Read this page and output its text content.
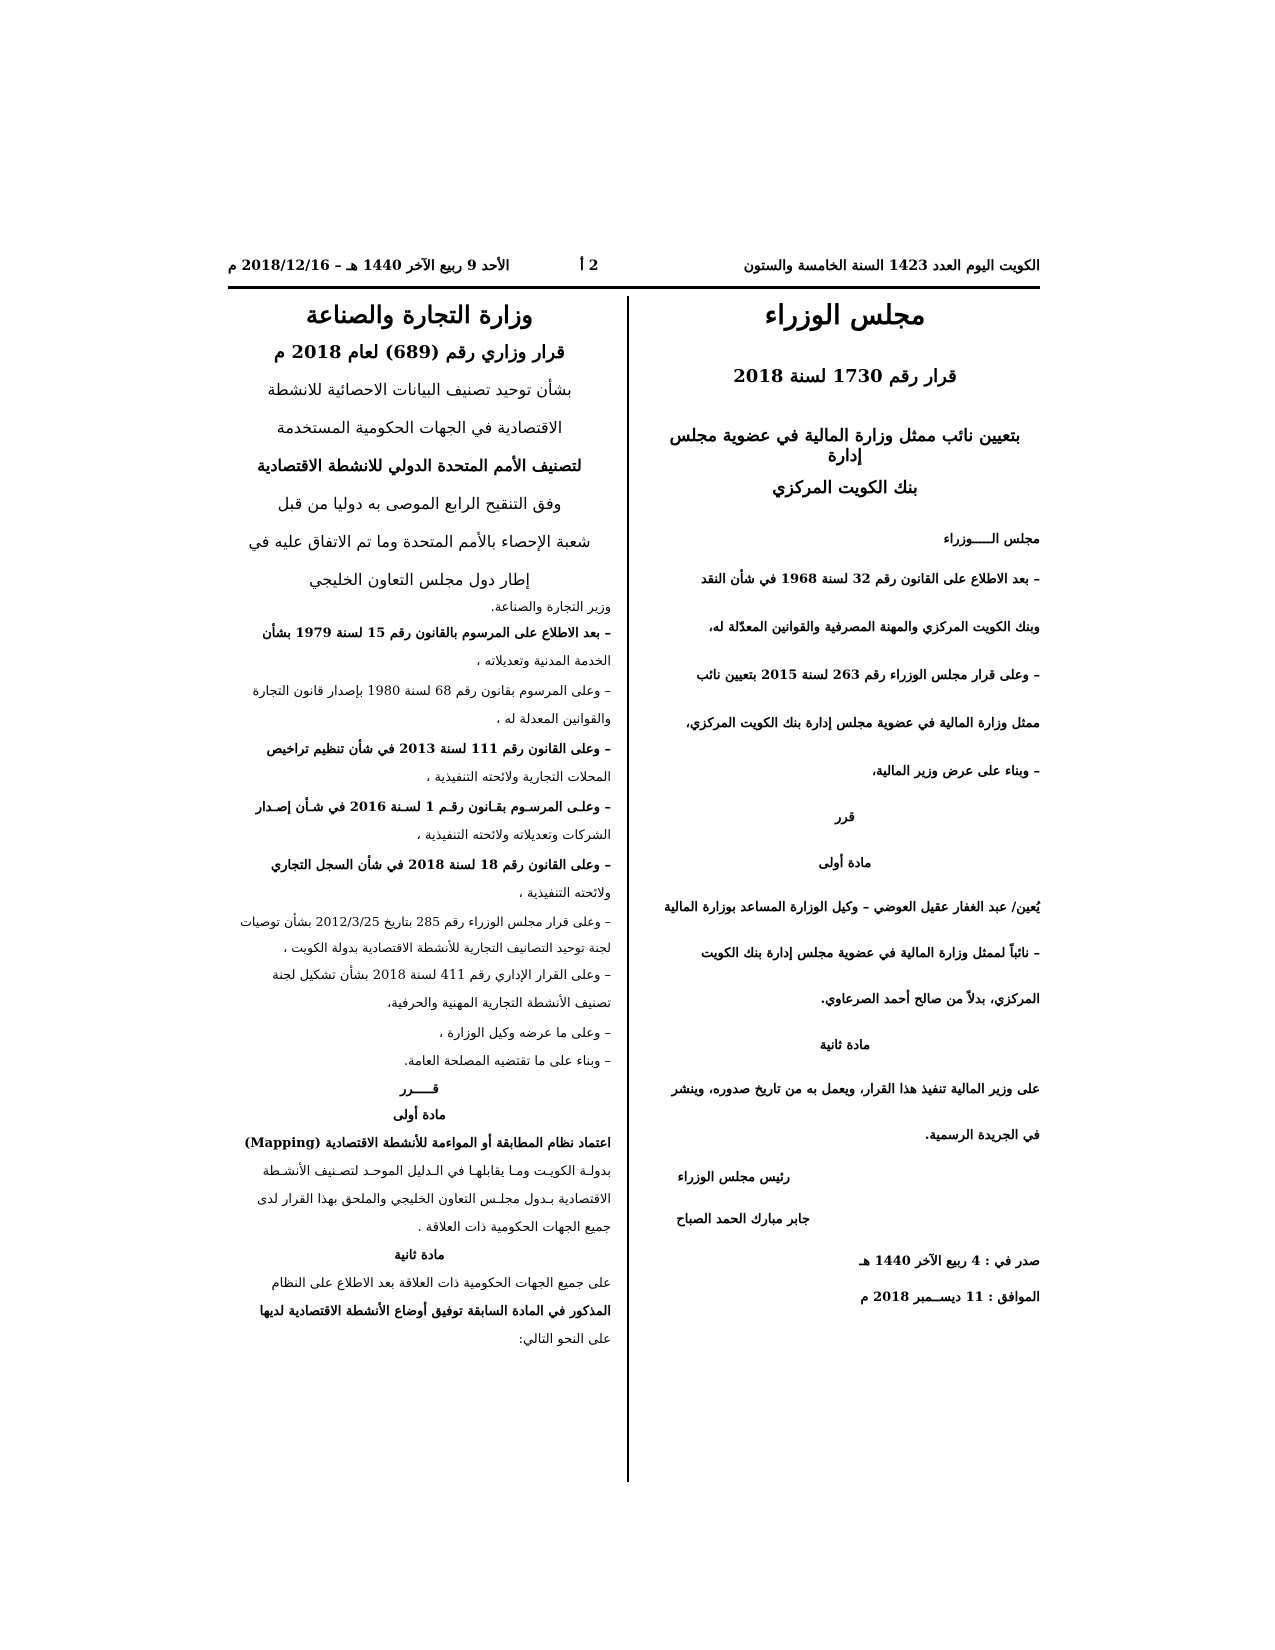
الكويت اليوم العدد 1423 السنة الخامسة والستون
2 أ
الأحد 9 ربيع الآخر 1440 هـ – 2018/12/16 م

مجلس الوزراء

قرار رقم 1730 لسنة 2018

بتعيين نائب ممثل وزارة المالية في عضوية مجلس إدارة

بنك الكويت المركزي

مجلس الـــــوزراء

– بعد الاطلاع على القانون رقم 32 لسنة 1968 في شأن النقد

وبنك الكويت المركزي والمهنة المصرفية والقوانين المعدّلة له،

– وعلى قرار مجلس الوزراء رقم 263 لسنة 2015 بتعيين نائب

ممثل وزارة المالية في عضوية مجلس إدارة بنك الكويت المركزي،

– وبناء على عرض وزير المالية،

قرر

مادة أولى

يُعين/ عبد الغفار عقيل العوضي – وكيل الوزارة المساعد بوزارة المالية

– نائباً لممثل وزارة المالية في عضوية مجلس إدارة بنك الكويت

المركزي، بدلاً من صالح أحمد الصرعاوي.

مادة ثانية

على وزير المالية تنفيذ هذا القرار، ويعمل به من تاريخ صدوره، وينشر

في الجريدة الرسمية.

رئيس مجلس الوزراء

جابر مبارك الحمد الصباح

صدر في : 4 ربيع الآخر 1440 هـ

الموافق : 11 ديســمبر 2018 م

وزارة التجارة والصناعة

قرار وزاري رقم (689) لعام 2018 م

بشأن توحيد تصنيف البيانات الاحصائية للانشطة

الاقتصادية في الجهات الحكومية المستخدمة

لتصنيف الأمم المتحدة الدولي للانشطة الاقتصادية

وفق التنقيح الرابع الموصى به دوليا من قبل

شعبة الإحصاء بالأمم المتحدة وما تم الاتفاق عليه في

إطار دول مجلس التعاون الخليجي

وزير التجارة والصناعة.

– بعد الاطلاع على المرسوم بالقانون رقم 15 لسنة 1979 بشأن

الخدمة المدنية وتعديلاته ،

– وعلى المرسوم بقانون رقم 68 لسنة 1980 بإصدار قانون التجارة

والقوانين المعدلة له ،

– وعلى القانون رقم 111 لسنة 2013 في شأن تنظيم تراخيص

المحلات التجارية ولائحته التنفيذية ،

– وعلـى المرسـوم بقـانون رقـم 1 لسـنة 2016 في شـأن إصـدار

الشركات وتعديلاته ولائحته التنفيذية ،

– وعلى القانون رقم 18 لسنة 2018 في شأن السجل التجاري

ولائحته التنفيذية ،

– وعلى قرار مجلس الوزراء رقم 285 بتاريخ 2012/3/25 بشأن توصيات

لجنة توحيد التصانيف التجارية للأنشطة الاقتصادية بدولة الكويت ،

– وعلى القرار الإداري رقم 411 لسنة 2018 بشأن تشكيل لجنة

تصنيف الأنشطة التجارية المهنية والحرفية،

– وعلى ما عرضه وكيل الوزارة ،

– وبناء على ما تقتضيه المصلحة العامة.

قـــــرر

مادة أولى

اعتماد نظام المطابقة أو المواءمة للأنشطة الاقتصادية (Mapping)

بدولـة الكويـت ومـا يقابلهـا في الـدليل الموحـد لتصـنيف الأنشـطة

الاقتصادية بـدول مجلـس التعاون الخليجي والملحق بهذا القرار لدى

جميع الجهات الحكومية ذات العلاقة .

مادة ثانية

على جميع الجهات الحكومية ذات العلاقة بعد الاطلاع على النظام

المذكور في المادة السابقة توفيق أوضاع الأنشطة الاقتصادية لديها

على النحو التالي:
